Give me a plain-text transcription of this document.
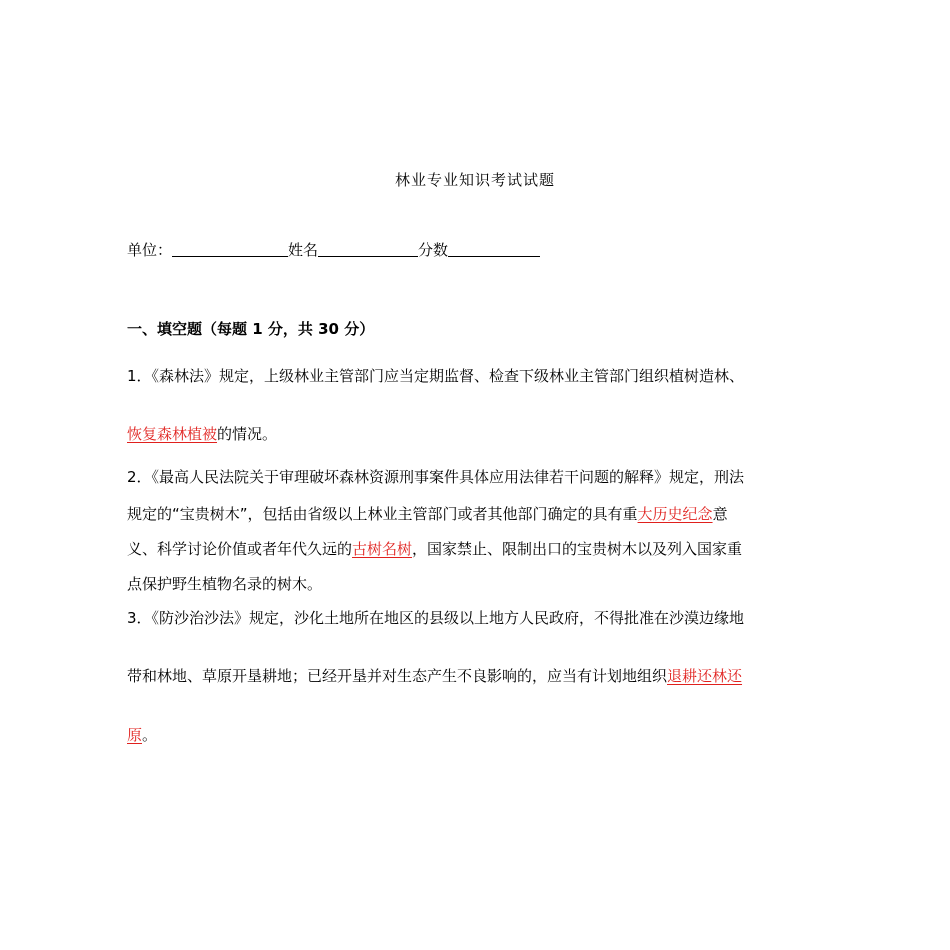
林业专业知识考试试题
单位：	姓名	分数
一、填空题（每题 1 分，共 30 分）
1．《森林法》规定，上级林业主管部门应当定期监督、检查下级林业主管部门组织植树造林、
恢复森林植被的情况。
2．《最高人民法院关于审理破坏森林资源刑事案件具体应用法律若干问题的解释》规定，刑法
规定的“宝贵树木”，包括由省级以上林业主管部门或者其他部门确定的具有重大历史纪念意
义、科学讨论价值或者年代久远的古树名树，国家禁止、限制出口的宝贵树木以及列入国家重
点保护野生植物名录的树木。
3．《防沙治沙法》规定，沙化土地所在地区的县级以上地方人民政府，不得批准在沙漠边缘地
带和林地、草原开垦耕地；已经开垦并对生态产生不良影响的，应当有计划地组织退耕还林还
原。
